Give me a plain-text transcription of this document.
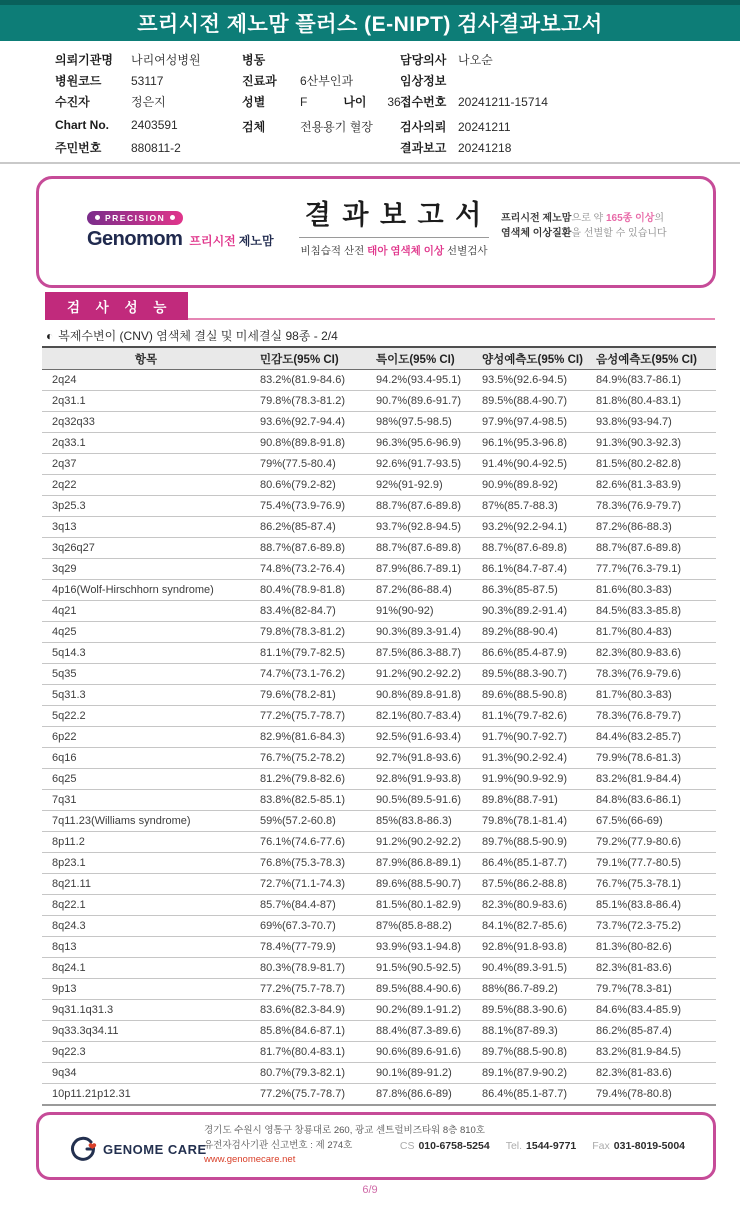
프리시전 제노맘 플러스 (E-NIPT) 검사결과보고서
의뢰기관명	나리여성병원
병원코드	53117
수진자	정은지
Chart No.	2403591
주민번호	880811-2
병동
진료과	6산부인과
성별	F	나이	36
검체	전용용기 혈장
담당의사 나오순
임상정보
접수번호 20241211-15714
검사의뢰 20241211
결과보고 20241218
PRECISION
Genomom 프리시전 제노맘
결 과 보 고 서
비침습적 산전 태아 염색체 이상 선별검사
프리시전 제노맘으로 약 165종 이상의
염색체 이상질환을 선별할 수 있습니다
검 사 성 능
◐ 복제수변이 (CNV) 염색체 결실 및 미세결실 98종 - 2/4
항목	민감도(95% CI)	특이도(95% CI)	양성예측도(95% CI)	음성예측도(95% CI)
2q24	83.2%(81.9-84.6)	94.2%(93.4-95.1)	93.5%(92.6-94.5)	84.9%(83.7-86.1)
2q31.1	79.8%(78.3-81.2)	90.7%(89.6-91.7)	89.5%(88.4-90.7)	81.8%(80.4-83.1)
2q32q33	93.6%(92.7-94.4)	98%(97.5-98.5)	97.9%(97.4-98.5)	93.8%(93-94.7)
2q33.1	90.8%(89.8-91.8)	96.3%(95.6-96.9)	96.1%(95.3-96.8)	91.3%(90.3-92.3)
2q37	79%(77.5-80.4)	92.6%(91.7-93.5)	91.4%(90.4-92.5)	81.5%(80.2-82.8)
2q22	80.6%(79.2-82)	92%(91-92.9)	90.9%(89.8-92)	82.6%(81.3-83.9)
3p25.3	75.4%(73.9-76.9)	88.7%(87.6-89.8)	87%(85.7-88.3)	78.3%(76.9-79.7)
3q13	86.2%(85-87.4)	93.7%(92.8-94.5)	93.2%(92.2-94.1)	87.2%(86-88.3)
3q26q27	88.7%(87.6-89.8)	88.7%(87.6-89.8)	88.7%(87.6-89.8)	88.7%(87.6-89.8)
3q29	74.8%(73.2-76.4)	87.9%(86.7-89.1)	86.1%(84.7-87.4)	77.7%(76.3-79.1)
4p16(Wolf-Hirschhorn syndrome)	80.4%(78.9-81.8)	87.2%(86-88.4)	86.3%(85-87.5)	81.6%(80.3-83)
4q21	83.4%(82-84.7)	91%(90-92)	90.3%(89.2-91.4)	84.5%(83.3-85.8)
4q25	79.8%(78.3-81.2)	90.3%(89.3-91.4)	89.2%(88-90.4)	81.7%(80.4-83)
5q14.3	81.1%(79.7-82.5)	87.5%(86.3-88.7)	86.6%(85.4-87.9)	82.3%(80.9-83.6)
5q35	74.7%(73.1-76.2)	91.2%(90.2-92.2)	89.5%(88.3-90.7)	78.3%(76.9-79.6)
5q31.3	79.6%(78.2-81)	90.8%(89.8-91.8)	89.6%(88.5-90.8)	81.7%(80.3-83)
5q22.2	77.2%(75.7-78.7)	82.1%(80.7-83.4)	81.1%(79.7-82.6)	78.3%(76.8-79.7)
6p22	82.9%(81.6-84.3)	92.5%(91.6-93.4)	91.7%(90.7-92.7)	84.4%(83.2-85.7)
6q16	76.7%(75.2-78.2)	92.7%(91.8-93.6)	91.3%(90.2-92.4)	79.9%(78.6-81.3)
6q25	81.2%(79.8-82.6)	92.8%(91.9-93.8)	91.9%(90.9-92.9)	83.2%(81.9-84.4)
7q31	83.8%(82.5-85.1)	90.5%(89.5-91.6)	89.8%(88.7-91)	84.8%(83.6-86.1)
7q11.23(Williams syndrome)	59%(57.2-60.8)	85%(83.8-86.3)	79.8%(78.1-81.4)	67.5%(66-69)
8p11.2	76.1%(74.6-77.6)	91.2%(90.2-92.2)	89.7%(88.5-90.9)	79.2%(77.9-80.6)
8p23.1	76.8%(75.3-78.3)	87.9%(86.8-89.1)	86.4%(85.1-87.7)	79.1%(77.7-80.5)
8q21.11	72.7%(71.1-74.3)	89.6%(88.5-90.7)	87.5%(86.2-88.8)	76.7%(75.3-78.1)
8q22.1	85.7%(84.4-87)	81.5%(80.1-82.9)	82.3%(80.9-83.6)	85.1%(83.8-86.4)
8q24.3	69%(67.3-70.7)	87%(85.8-88.2)	84.1%(82.7-85.6)	73.7%(72.3-75.2)
8q13	78.4%(77-79.9)	93.9%(93.1-94.8)	92.8%(91.8-93.8)	81.3%(80-82.6)
8q24.1	80.3%(78.9-81.7)	91.5%(90.5-92.5)	90.4%(89.3-91.5)	82.3%(81-83.6)
9p13	77.2%(75.7-78.7)	89.5%(88.4-90.6)	88%(86.7-89.2)	79.7%(78.3-81)
9q31.1q31.3	83.6%(82.3-84.9)	90.2%(89.1-91.2)	89.5%(88.3-90.6)	84.6%(83.4-85.9)
9q33.3q34.11	85.8%(84.6-87.1)	88.4%(87.3-89.6)	88.1%(87-89.3)	86.2%(85-87.4)
9q22.3	81.7%(80.4-83.1)	90.6%(89.6-91.6)	89.7%(88.5-90.8)	83.2%(81.9-84.5)
9q34	80.7%(79.3-82.1)	90.1%(89-91.2)	89.1%(87.9-90.2)	82.3%(81-83.6)
10p11.21p12.31	77.2%(75.7-78.7)	87.8%(86.6-89)	86.4%(85.1-87.7)	79.4%(78-80.8)
GENOME CARE
경기도 수원시 영통구 창룡대로 260, 광교 센트럴비즈타워 8층 810호
유전자검사기관 신고번호 : 제 274호
www.genomecare.net
CS 010-6758-5254 Tel. 1544-9771 Fax 031-8019-5004
6/9
